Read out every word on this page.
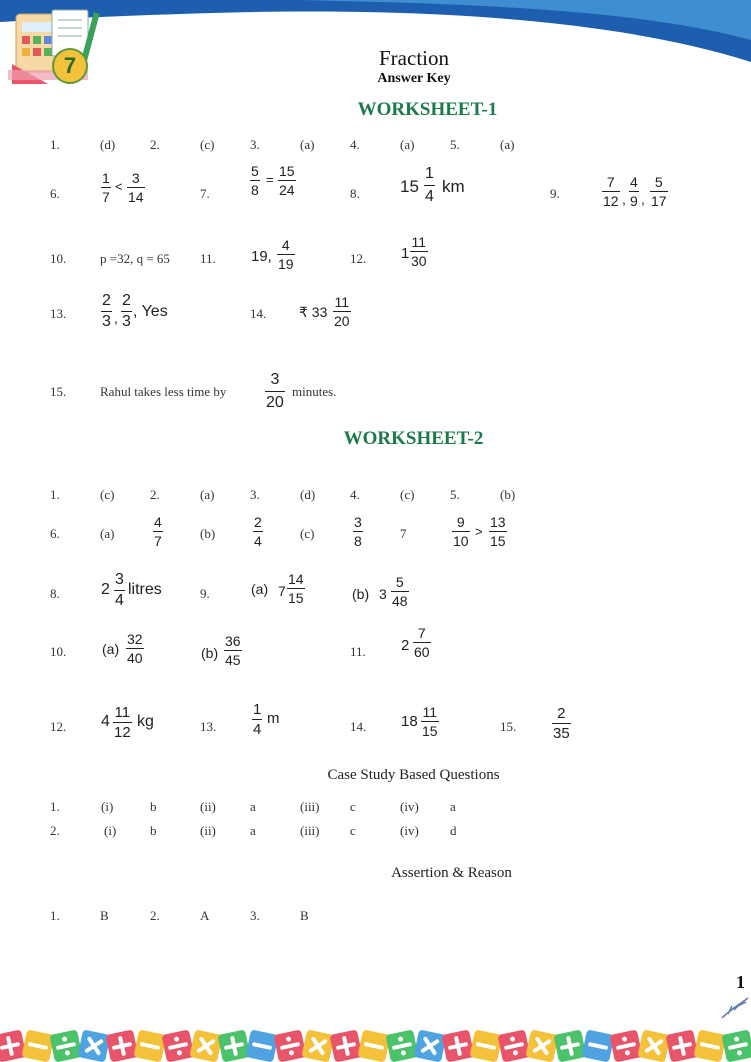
7	Fraction
Answer Key
WORKSHEET-1
1.	(d)	2.	(c)	3.	(a)	4.	(a)	5.	(a)
6.	$\frac{1}{7} < \frac{3}{14}$	7.	$\frac{5}{8} = \frac{15}{24}$	8. $15 \frac{1}{4}$ km	9.	$\frac{7}{12}$ , $\frac{4}{9}$ , $\frac{5}{17}$
10.	p =32, q = 65 11. 19, $\frac{4}{19}$	12. $1 \frac{11}{30}$
13. $\frac{2}{3}$ , $\frac{2}{3}$ , Yes	14. ₹ $33 \frac{11}{20}$
15.	Rahul takes less time by $\frac{3}{20}$ minutes.
WORKSHEET-2
1.	(c)	2.	(a)	3.	(d)	4.	(c)	5.	(b)
6.	(a)	$\frac{4}{7}$	(b)	$\frac{2}{4}$	(c)	$\frac{3}{8}$	7	$\frac{9}{10} > \frac{13}{15}$
8.	$2 \frac{3}{4}$ litres	9.	(a) $7 \frac{14}{15}$	(b) $3 \frac{5}{48}$
10.	$(a) \frac{32}{40}$	$(b) \frac{36}{45}$	11. $2 \frac{7}{60}$
12. $4 \frac{11}{12}$ kg	13. $\frac{1}{4}$ m	14. $18 \frac{11}{15}$	15. $\frac{2}{35}$
Case Study Based Questions
1.	(i)	b	(ii)	a	(iii) c	(iv) a
2.	(i)	b	(ii)	a	(iii) c	(iv) d
Assertion & Reason
1.	B	2.	A	3.	B
1
